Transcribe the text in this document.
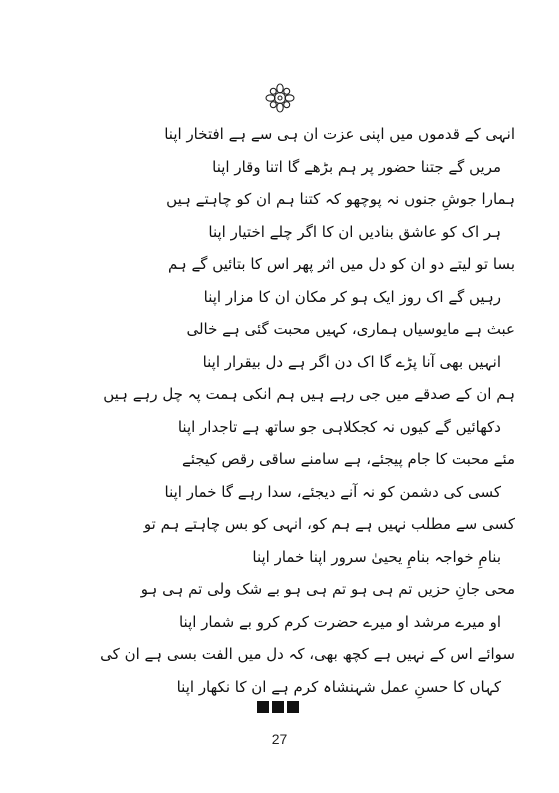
انہی کے قدموں میں اپنی عزت ان ہی سے ہے افتخار اپنا
مریں گے جتنا حضور پر ہم بڑھے گا اتنا وقار اپنا
ہمارا جوشِ جنوں نہ پوچھو کہ کتنا ہم ان کو چاہتے ہیں
ہر اک کو عاشق بنادیں ان کا اگر چلے اختیار اپنا
بسا تو لیتے دو ان کو دل میں اثر پھر اس کا بتائیں گے ہم
رہیں گے اک روز ایک ہو کر مکان ان کا مزار اپنا
عبث ہے مایوسیاں ہماری، کہیں محبت گئی ہے خالی
انہیں بھی آنا پڑے گا اک دن اگر ہے دل بیقرار اپنا
ہم ان کے صدقے میں جی رہے ہیں ہم انکی ہمت پہ چل رہے ہیں
دکھائیں گے کیوں نہ کجکلاہی جو ساتھ ہے تاجدار اپنا
مئے محبت کا جام پیجئے، ہے سامنے ساقی رقص کیجئے
کسی کی دشمن کو نہ آنے دیجئے، سدا رہے گا خمار اپنا
کسی سے مطلب نہیں ہے ہم کو، انہی کو بس چاہتے ہم تو
بنامِ خواجہ بنامِ یحییٰ سرور اپنا خمار اپنا
محی جانِ حزیں تم ہی ہو تم ہی ہو بے شک ولی تم ہی ہو
او میرے مرشد او میرے حضرت کرم کرو بے شمار اپنا
سوائے اس کے نہیں ہے کچھ بھی، کہ دل میں الفت بسی ہے ان کی
کہاں کا حسنِ عمل شہنشاہ کرم ہے ان کا نکھار اپنا
27
